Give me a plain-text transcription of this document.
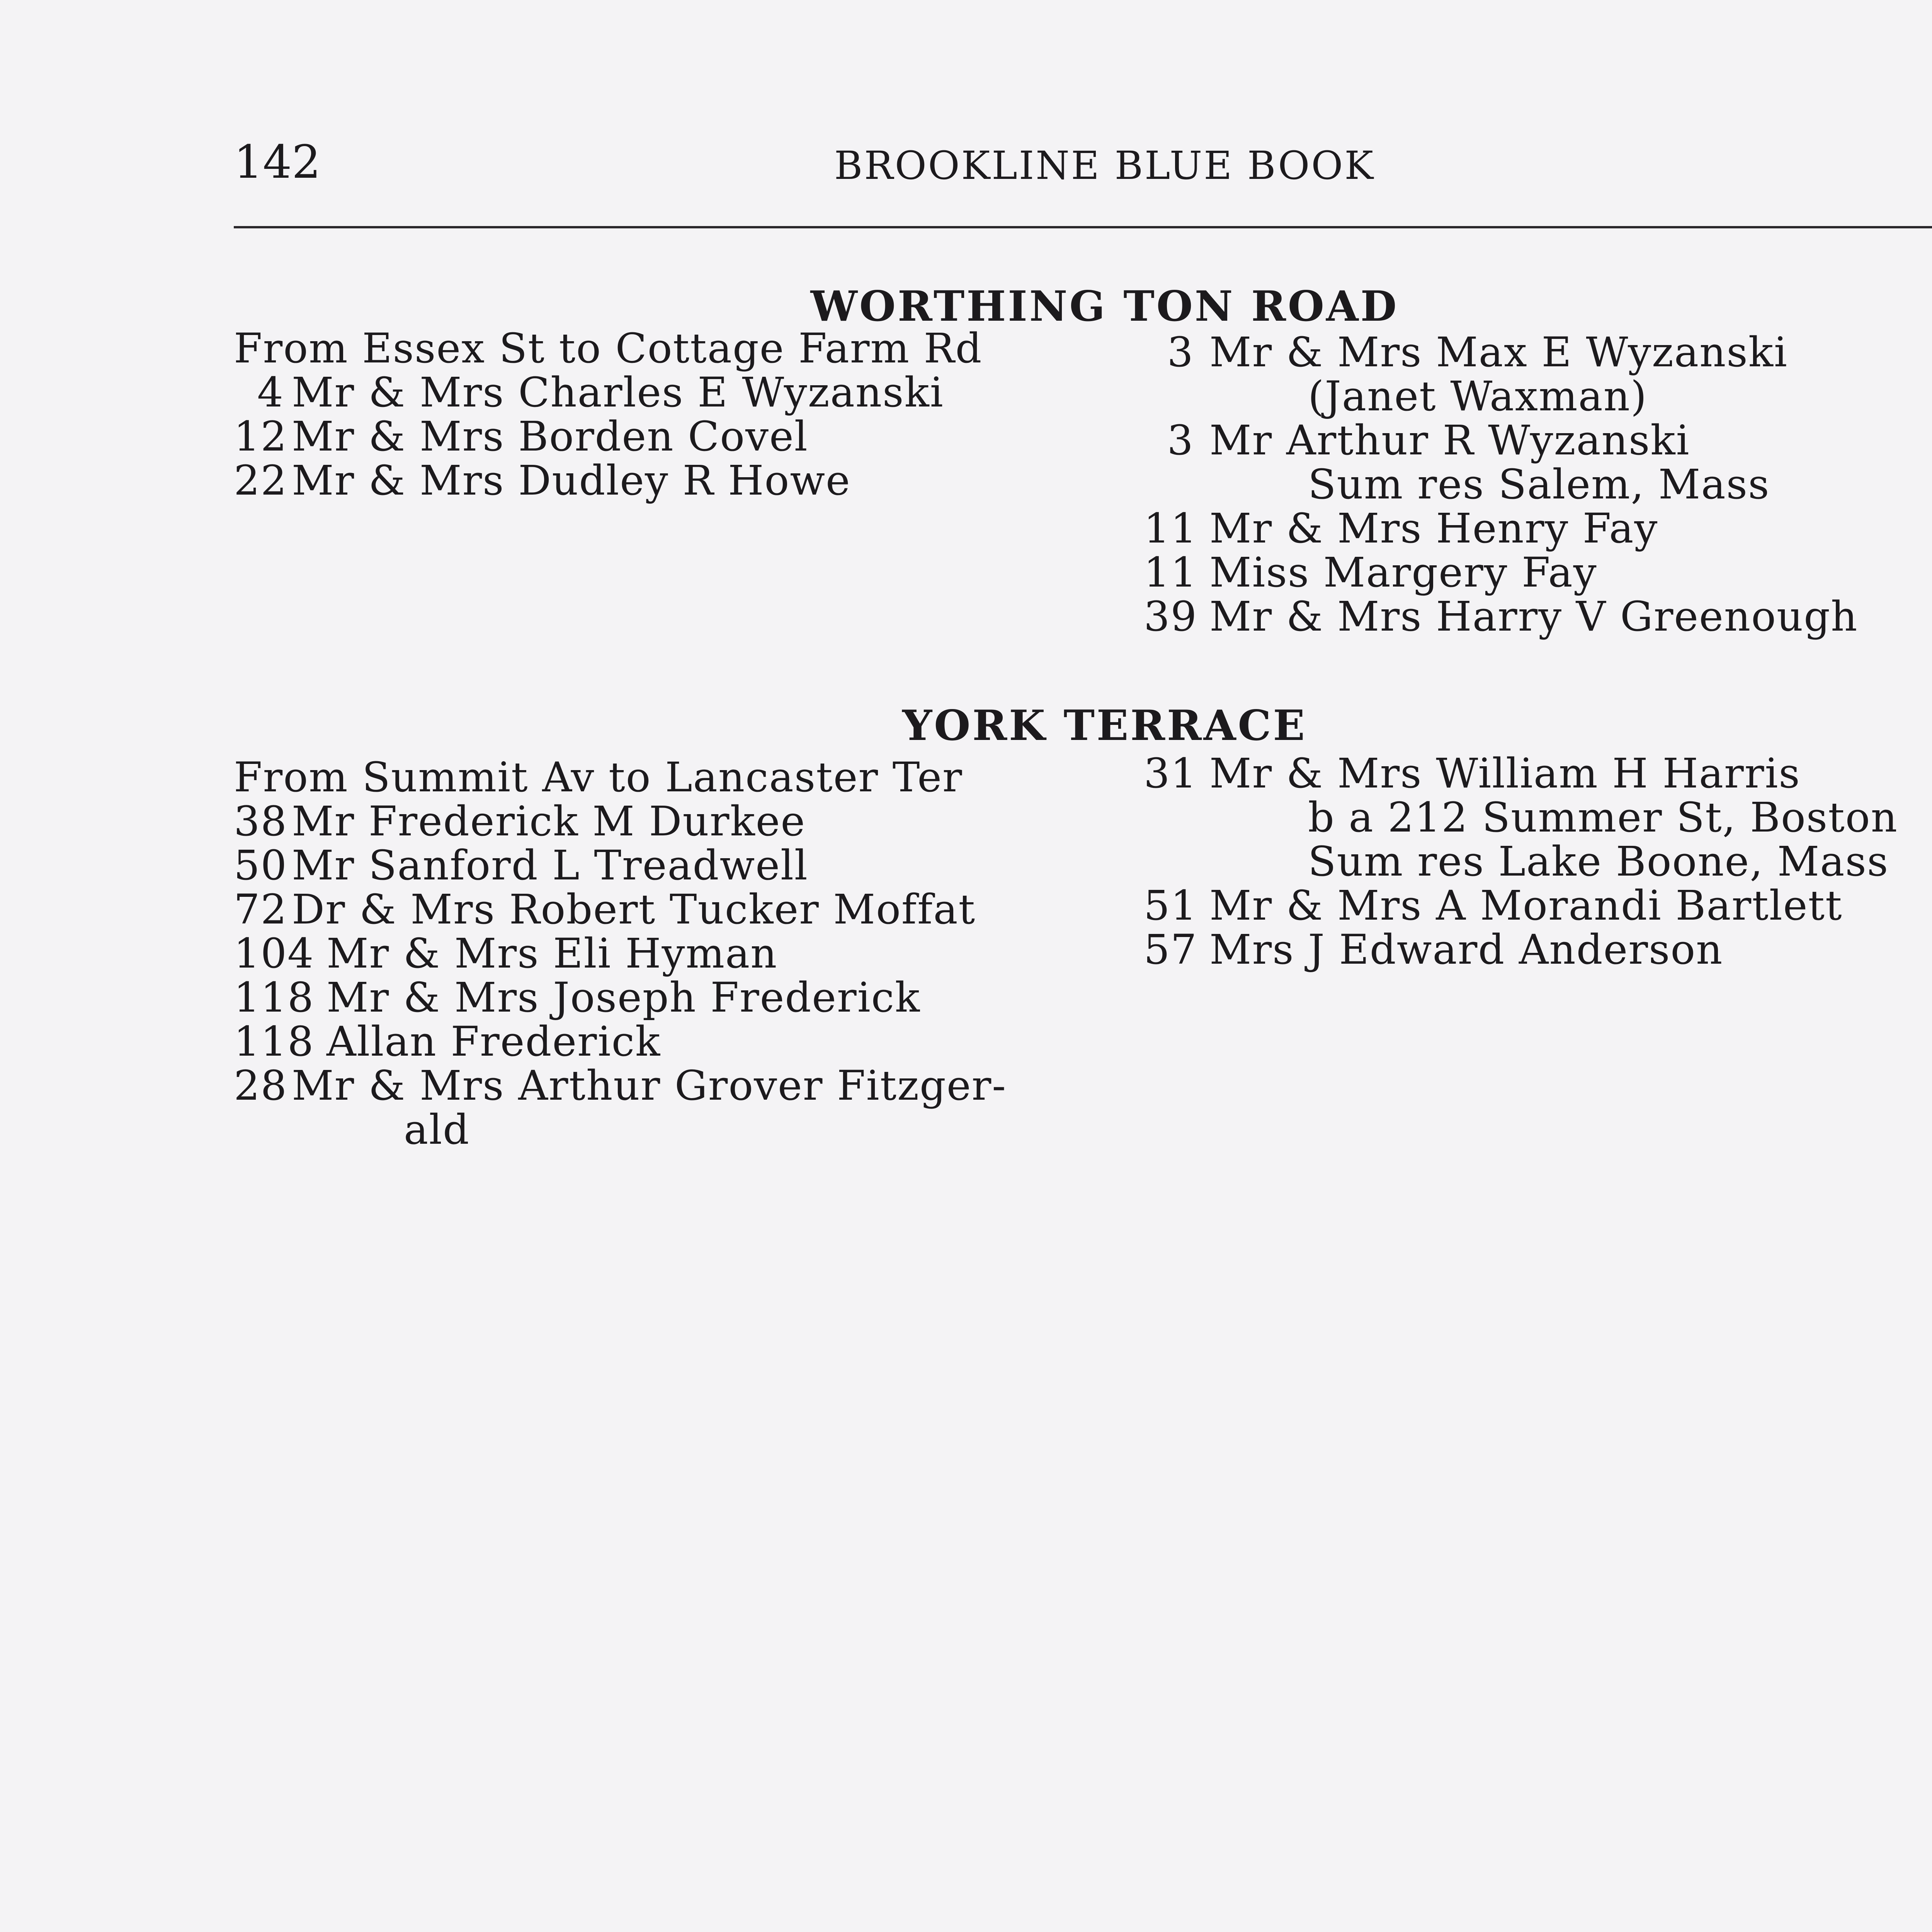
142	BROOKLINE BLUE BOOK
WORTHING TON ROAD
From Essex St to Cottage Farm Rd
4 Mr & Mrs Charles E Wyzanski
12 Mr & Mrs Borden Covel
22 Mr & Mrs Dudley R Howe
3 Mr & Mrs Max E Wyzanski
(Janet Waxman)
3 Mr Arthur R Wyzanski
Sum res Salem, Mass
11 Mr & Mrs Henry Fay
11 Miss Margery Fay
39 Mr & Mrs Harry V Greenough
YORK TERRACE
From Summit Av to Lancaster Ter
38 Mr Frederick M Durkee
50 Mr Sanford L Treadwell
72 Dr & Mrs Robert Tucker Moffat
104 Mr & Mrs Eli Hyman
118 Mr & Mrs Joseph Frederick
118 Allan Frederick
28 Mr & Mrs Arthur Grover Fitzger-
ald
31 Mr & Mrs William H Harris
b a 212 Summer St, Boston
Sum res Lake Boone, Mass
51 Mr & Mrs A Morandi Bartlett
57 Mrs J Edward Anderson
